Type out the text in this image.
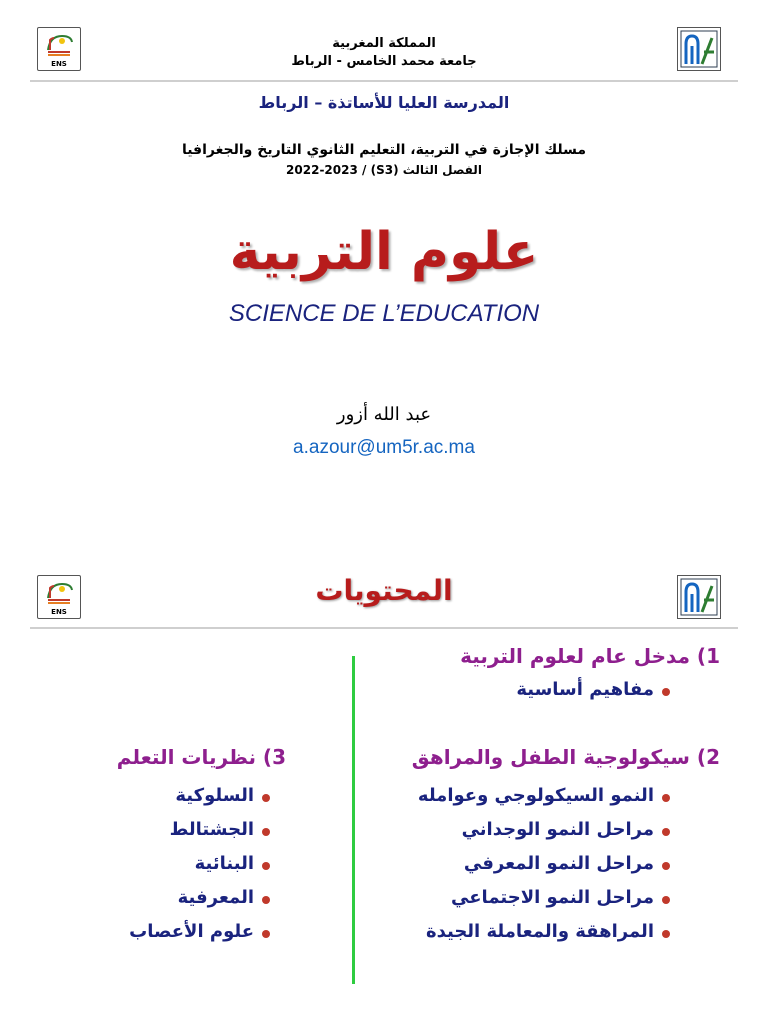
ENS
المملكة المغربية
جامعة محمد الخامس - الرباط
المدرسة العليا للأساتذة – الرباط
مسلك الإجازة في التربية، التعليم الثانوي التاريخ والجغرافيا
الفصل الثالث (S3) / 2022-2023
علوم التربية
SCIENCE DE L’EDUCATION
عبد الله أزور
a.azour@um5r.ac.ma
ENS
المحتويات
1) مدخل عام لعلوم التربية
مفاهيم أساسية
2) سيكولوجية الطفل والمراهق
النمو السيكولوجي وعوامله
مراحل النمو الوجداني
مراحل النمو المعرفي
مراحل النمو الاجتماعي
المراهقة والمعاملة الجيدة
3) نظريات التعلم
السلوكية
الجشتالط
البنائية
المعرفية
علوم الأعصاب
